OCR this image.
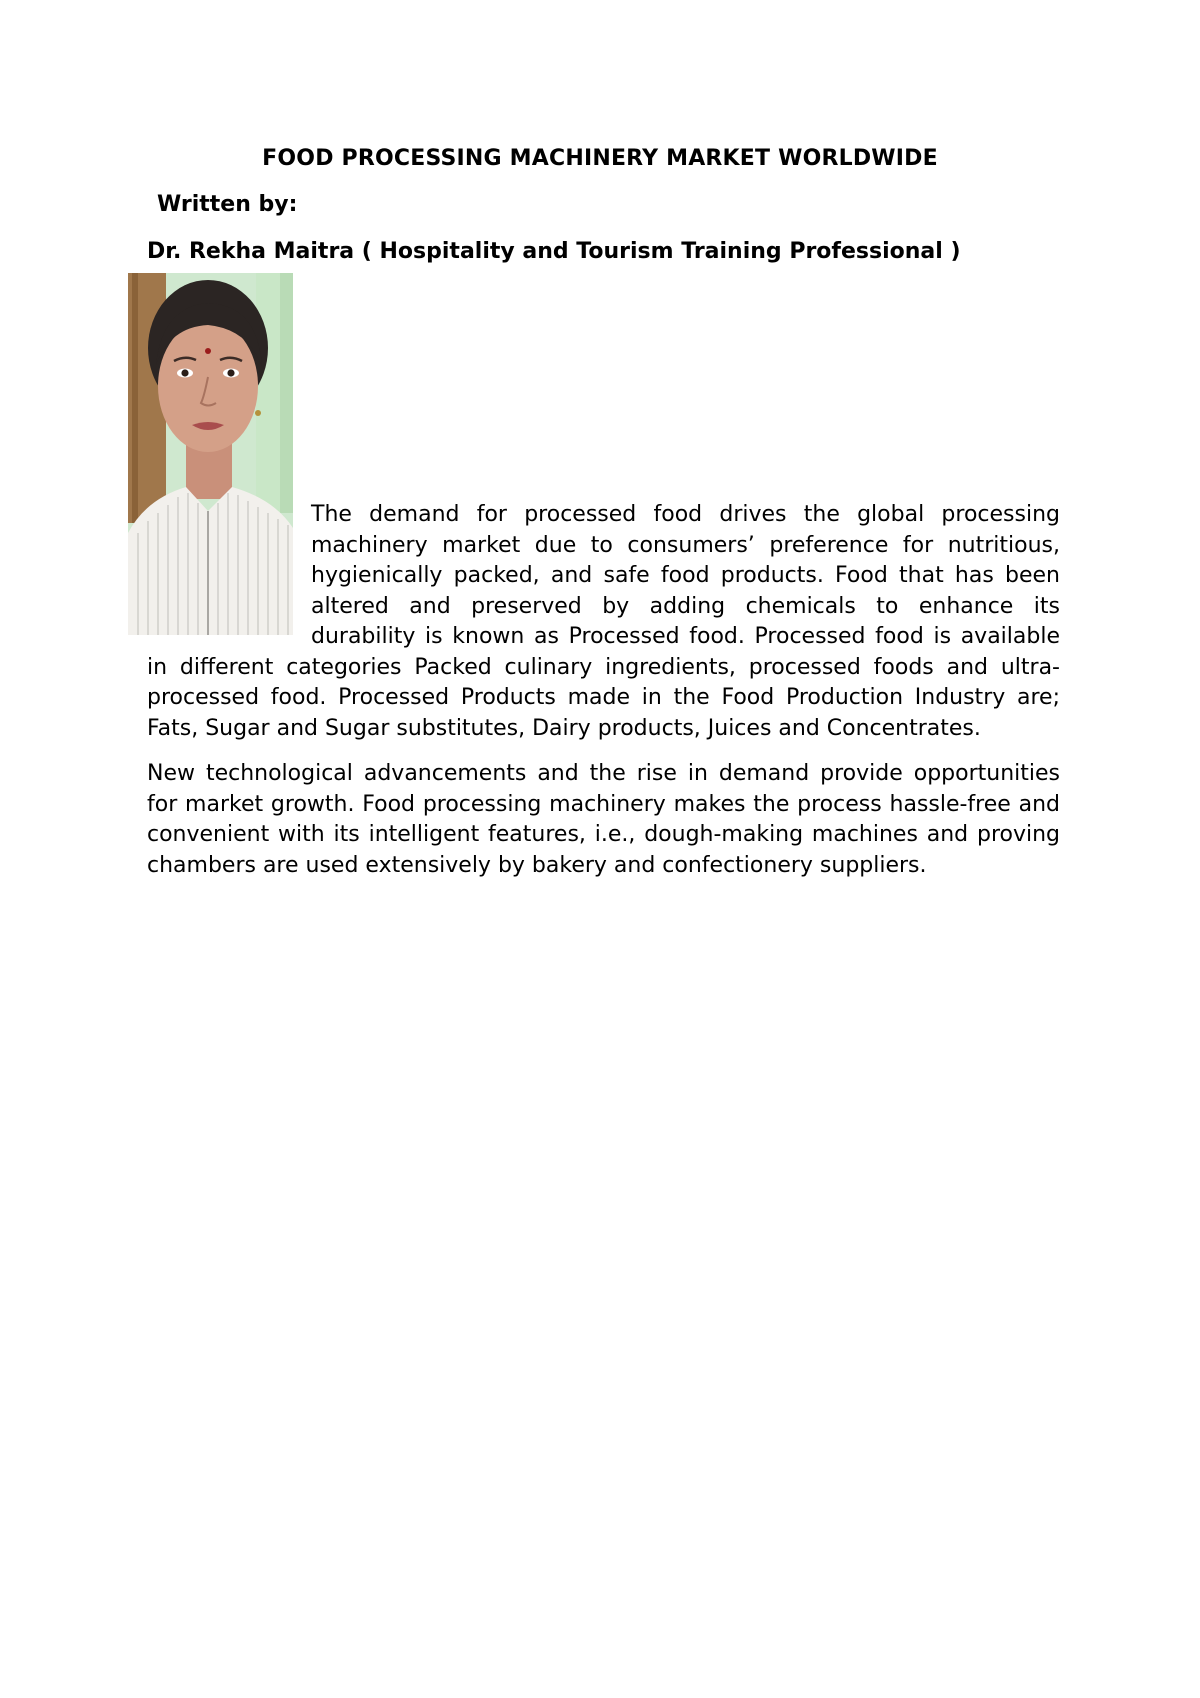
FOOD PROCESSING MACHINERY MARKET WORLDWIDE
Written by:
Dr. Rekha Maitra ( Hospitality and Tourism Training Professional )

The demand for processed food drives the global processing machinery market due to consumers’ preference for nutritious, hygienically packed, and safe food products. Food that has been altered and preserved by adding chemicals to enhance its durability is known as Processed food. Processed food is available in different categories Packed culinary ingredients, processed foods and ultra-processed food. Processed Products made in the Food Production Industry are; Fats, Sugar and Sugar substitutes, Dairy products, Juices and Concentrates.

New technological advancements and the rise in demand provide opportunities for market growth. Food processing machinery makes the process hassle-free and convenient with its intelligent features, i.e., dough-making machines and proving chambers are used extensively by bakery and confectionery suppliers.
